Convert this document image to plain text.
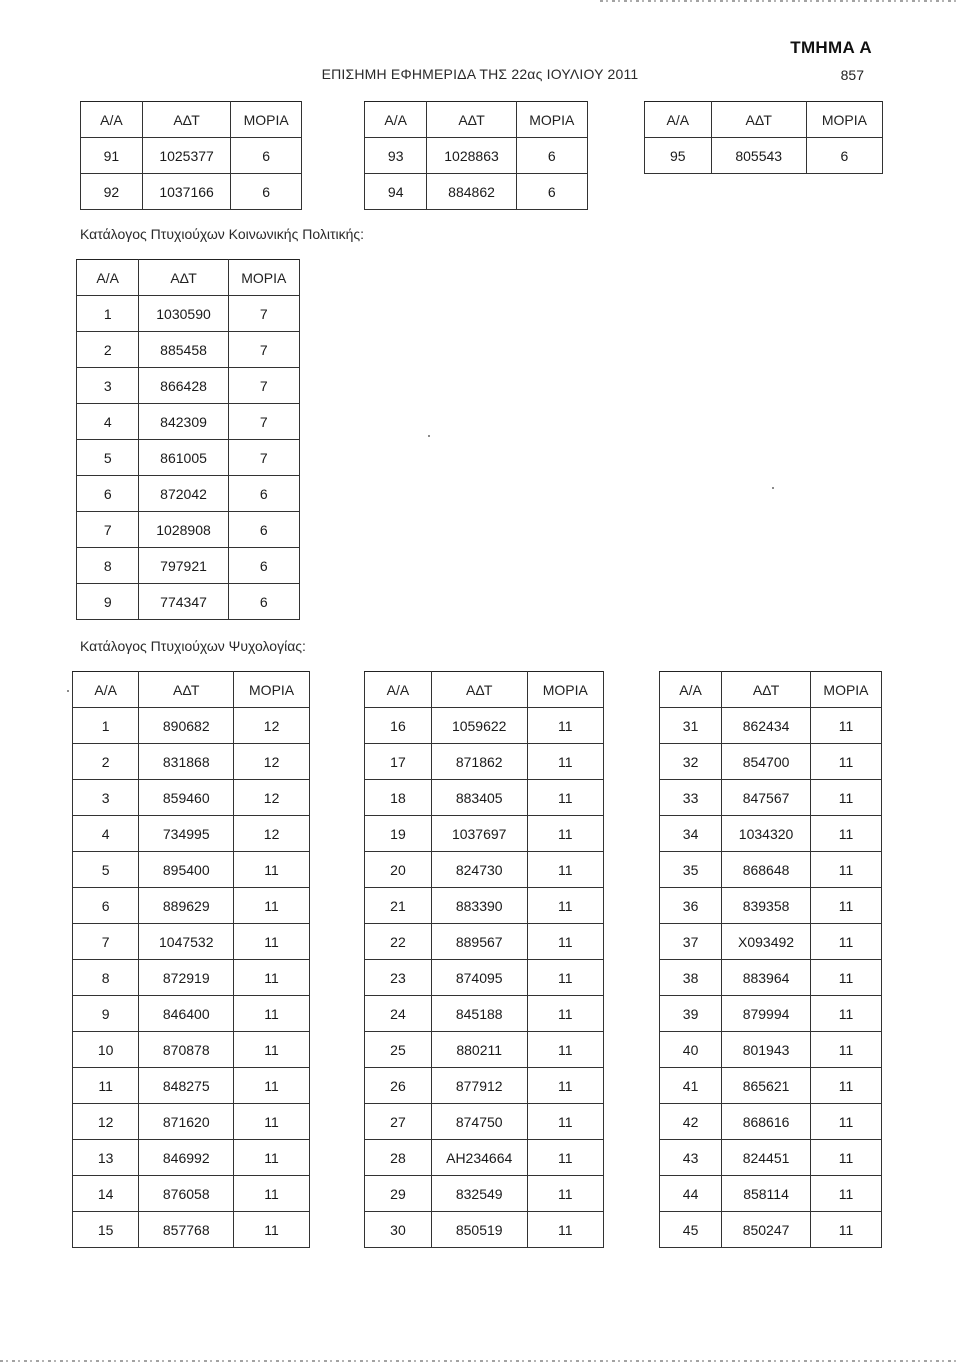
ΤΜΗΜΑ Α
ΕΠΙΣΗΜΗ ΕΦΗΜΕΡΙΔΑ ΤΗΣ 22ας ΙΟΥΛΙΟΥ 2011	857
Α/Α	ΑΔΤ	ΜΟΡΙΑ
91	1025377	6
92	1037166	6
Α/Α	ΑΔΤ	ΜΟΡΙΑ
93	1028863	6
94	884862	6
Α/Α	ΑΔΤ	ΜΟΡΙΑ
95	805543	6
Κατάλογος Πτυχιούχων Κοινωνικής Πολιτικής:
Α/Α	ΑΔΤ	ΜΟΡΙΑ
1	1030590	7
2	885458	7
3	866428	7
4	842309	7
5	861005	7
6	872042	6
7	1028908	6
8	797921	6
9	774347	6
Κατάλογος Πτυχιούχων Ψυχολογίας:
Α/Α	ΑΔΤ	ΜΟΡΙΑ
1	890682	12
2	831868	12
3	859460	12
4	734995	12
5	895400	11
6	889629	11
7	1047532	11
8	872919	11
9	846400	11
10	870878	11
11	848275	11
12	871620	11
13	846992	11
14	876058	11
15	857768	11
Α/Α	ΑΔΤ	ΜΟΡΙΑ
16	1059622	11
17	871862	11
18	883405	11
19	1037697	11
20	824730	11
21	883390	11
22	889567	11
23	874095	11
24	845188	11
25	880211	11
26	877912	11
27	874750	11
28	ΑΗ234664	11
29	832549	11
30	850519	11
Α/Α	ΑΔΤ	ΜΟΡΙΑ
31	862434	11
32	854700	11
33	847567	11
34	1034320	11
35	868648	11
36	839358	11
37	X093492	11
38	883964	11
39	879994	11
40	801943	11
41	865621	11
42	868616	11
43	824451	11
44	858114	11
45	850247	11
